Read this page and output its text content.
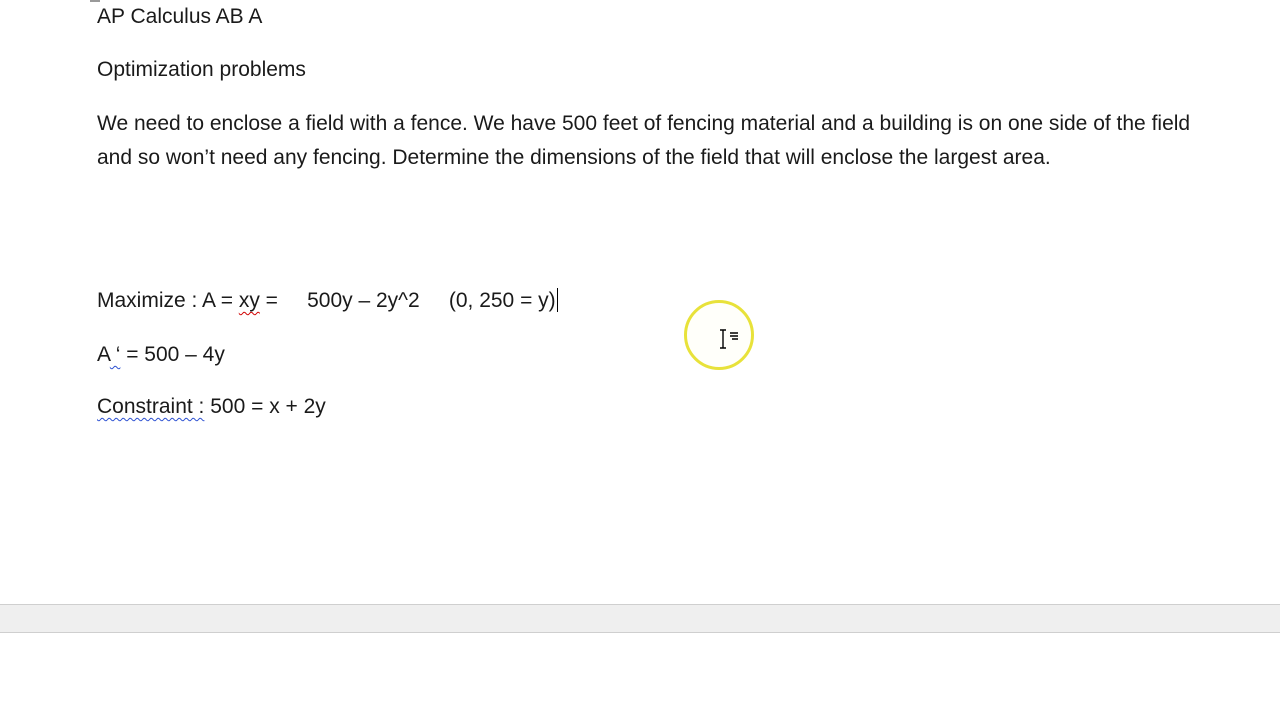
AP Calculus AB A
Optimization problems
We need to enclose a field with a fence. We have 500 feet of fencing material and a building is on one side of the field and so won’t need any fencing. Determine the dimensions of the field that will enclose the largest area.
Maximize : A = xy =     500y – 2y^2     (0, 250 = y)
A ‘ = 500 – 4y
Constraint : 500 = x + 2y
